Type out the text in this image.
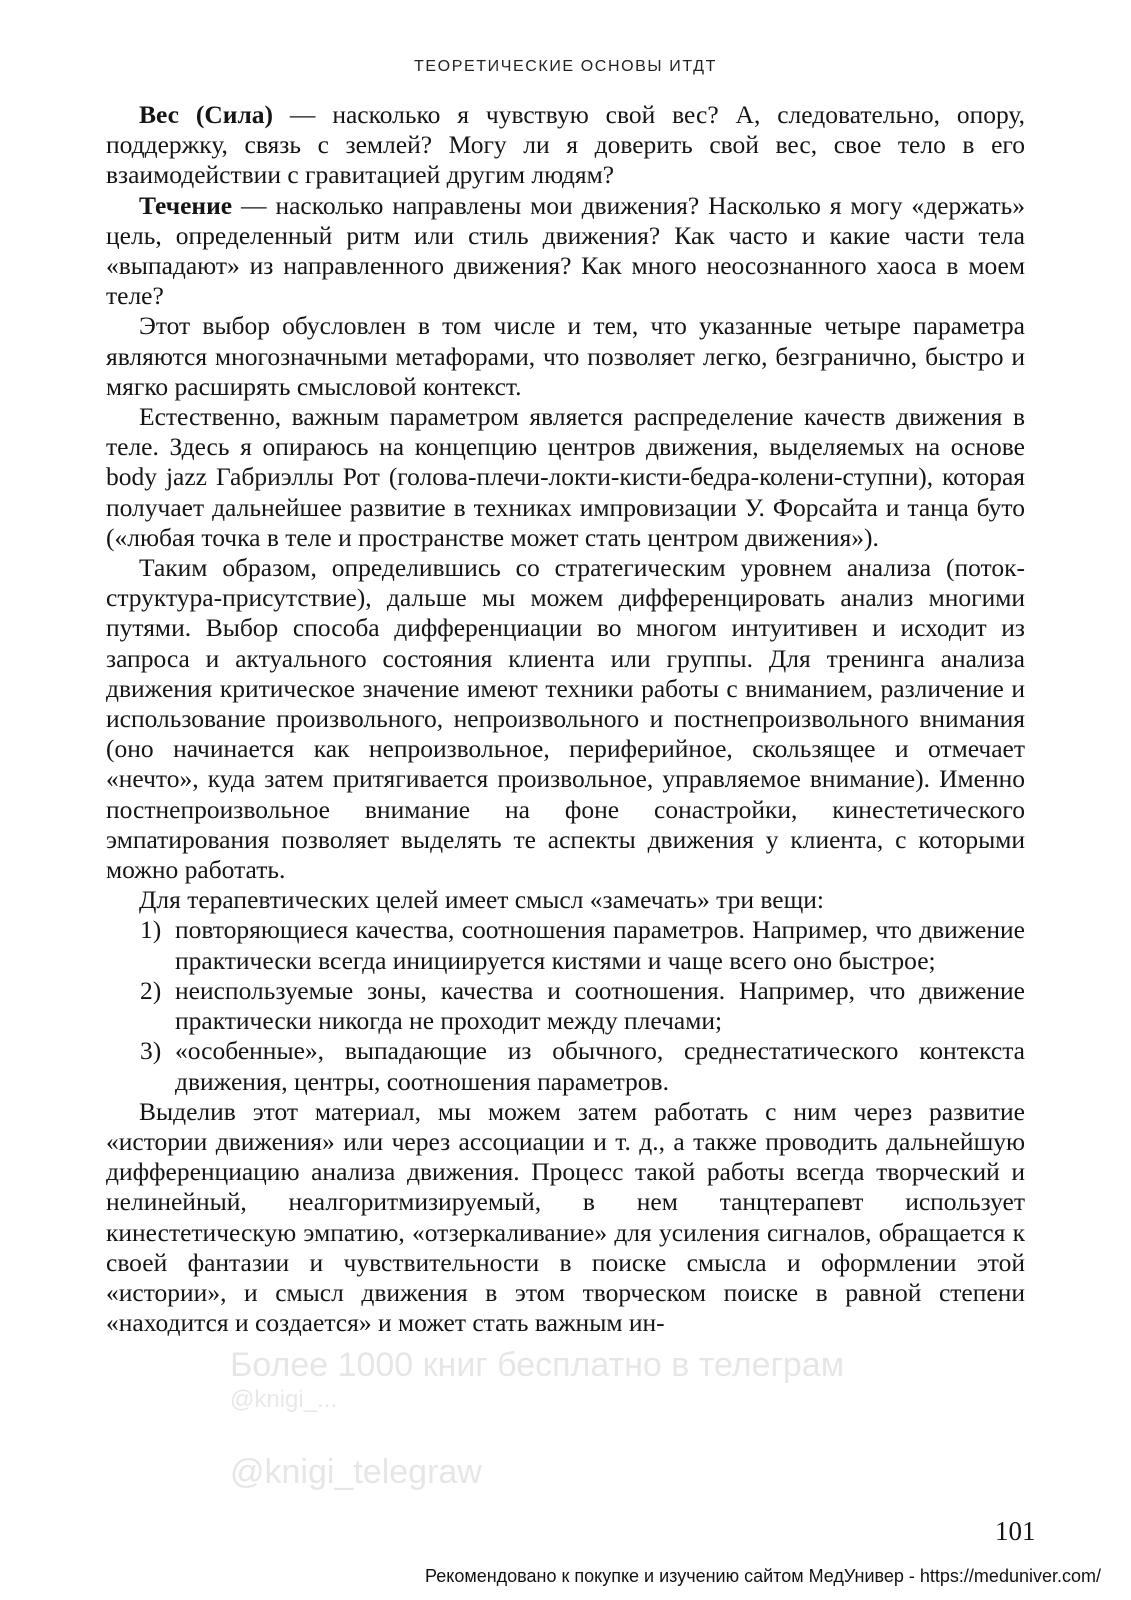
ТЕОРЕТИЧЕСКИЕ ОСНОВЫ ИТДТ

Вес (Сила) — насколько я чувствую свой вес? А, следовательно, опору, поддержку, связь с землей? Могу ли я доверить свой вес, свое тело в его взаимодействии с гравитацией другим людям?

Течение — насколько направлены мои движения? Насколько я могу «держать» цель, определенный ритм или стиль движения? Как часто и какие части тела «выпадают» из направленного движения? Как много неосознанного хаоса в моем теле?

Этот выбор обусловлен в том числе и тем, что указанные четыре параметра являются многозначными метафорами, что позволяет легко, безгранично, быстро и мягко расширять смысловой контекст.

Естественно, важным параметром является распределение качеств движения в теле. Здесь я опираюсь на концепцию центров движения, выделяемых на основе body jazz Габриэллы Рот (голова-плечи-локти-кисти-бедра-колени-ступни), которая получает дальнейшее развитие в техниках импровизации У. Форсайта и танца буто («любая точка в теле и пространстве может стать центром движения»).

Таким образом, определившись со стратегическим уровнем анализа (поток-структура-присутствие), дальше мы можем дифференцировать анализ многими путями. Выбор способа дифференциации во многом интуитивен и исходит из запроса и актуального состояния клиента или группы. Для тренинга анализа движения критическое значение имеют техники работы с вниманием, различение и использование произвольного, непроизвольного и постнепроизвольного внимания (оно начинается как непроизвольное, периферийное, скользящее и отмечает «нечто», куда затем притягивается произвольное, управляемое внимание). Именно постнепроизвольное внимание на фоне сонастройки, кинестетического эмпатирования позволяет выделять те аспекты движения у клиента, с которыми можно работать.

Для терапевтических целей имеет смысл «замечать» три вещи:

1) повторяющиеся качества, соотношения параметров. Например, что движение практически всегда инициируется кистями и чаще всего оно быстрое;
2) неиспользуемые зоны, качества и соотношения. Например, что движение практически никогда не проходит между плечами;
3) «особенные», выпадающие из обычного, среднестатического контекста движения, центры, соотношения параметров.

Выделив этот материал, мы можем затем работать с ним через развитие «истории движения» или через ассоциации и т. д., а также проводить дальнейшую дифференциацию анализа движения. Процесс такой работы всегда творческий и нелинейный, неалгоритмизируемый, в нем танцтерапевт использует кинестетическую эмпатию, «отзеркаливание» для усиления сигналов, обращается к своей фантазии и чувствительности в поиске смысла и оформлении этой «истории», и смысл движения в этом творческом поиске в равной степени «находится и создается» и может стать важным ин-

Более 1000 книг бесплатно в телеграм
@knigi_...
@knigi_telegraw
101
Рекомендовано к покупке и изучению сайтом МедУнивер - https://meduniver.com/
